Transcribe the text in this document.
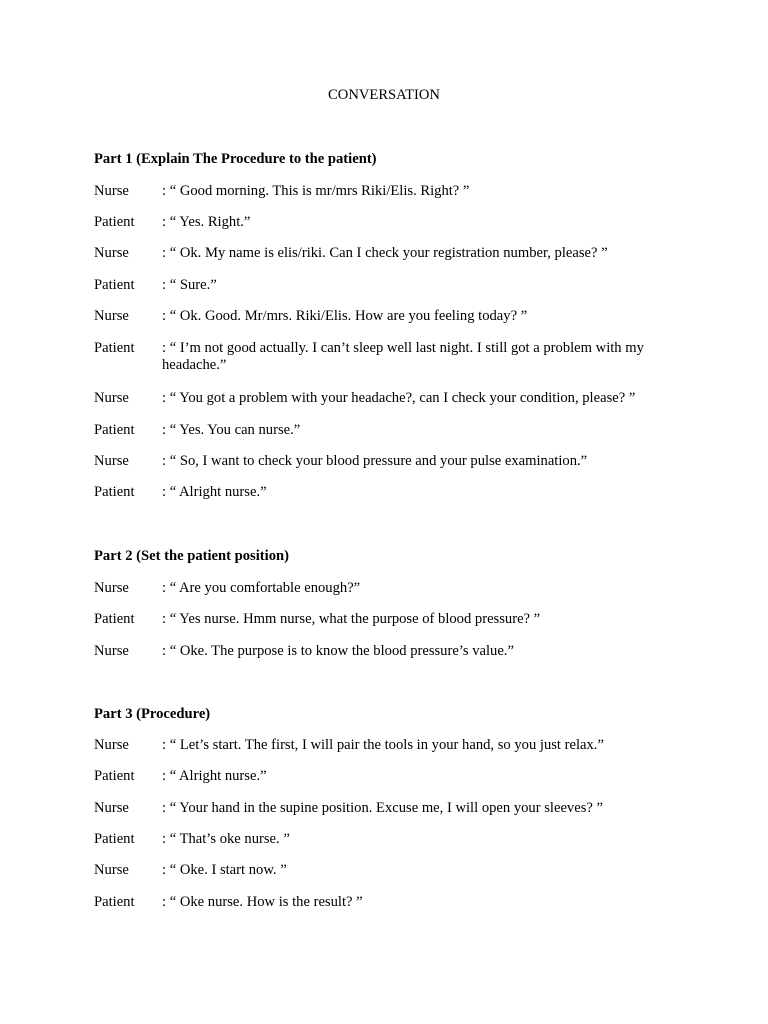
CONVERSATION
Part 1 (Explain The Procedure to the patient)
Nurse : “ Good morning. This is mr/mrs Riki/Elis. Right? ”
Patient : “ Yes. Right.”
Nurse : “ Ok. My name is elis/riki. Can I check your registration number, please? ”
Patient : “ Sure.”
Nurse : “ Ok. Good. Mr/mrs. Riki/Elis. How are you feeling today? ”
Patient : “ I’m not good actually. I can’t sleep well last night. I still got a problem with my headache.”
Nurse : “ You got a problem with your headache?, can I check your condition, please? ”
Patient : “ Yes. You can nurse.”
Nurse : “ So, I want to check your blood pressure and your pulse examination.”
Patient : “ Alright nurse.”
Part 2 (Set the patient position)
Nurse : “ Are you comfortable enough?”
Patient : “ Yes nurse. Hmm nurse, what the purpose of blood pressure? ”
Nurse : “ Oke. The purpose is to know the blood pressure’s value.”
Part 3 (Procedure)
Nurse : “ Let’s start. The first, I will pair the tools in your hand, so you just relax.”
Patient : “ Alright nurse.”
Nurse : “ Your hand in the supine position. Excuse me, I will open your sleeves? ”
Patient : “ That’s oke nurse. ”
Nurse : “ Oke. I start now. ”
Patient : “ Oke nurse. How is the result? ”
